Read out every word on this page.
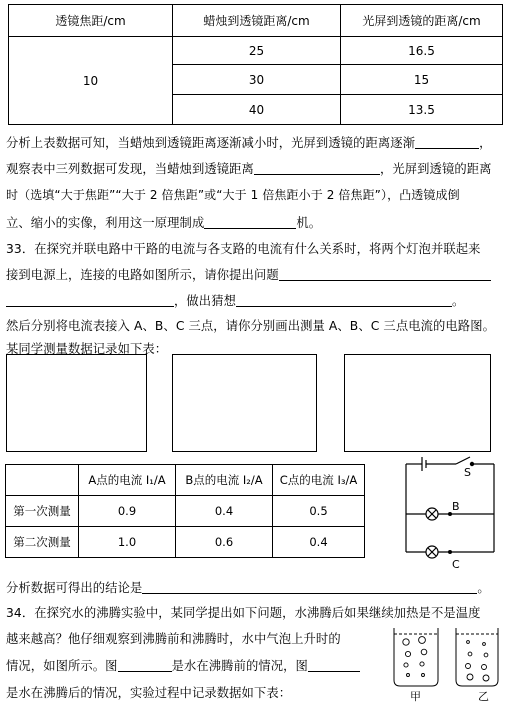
透镜焦距/cm	蜡烛到透镜距离/cm	光屏到透镜的距离/cm
10	25	16.5
	30	15
	40	13.5
分析上表数据可知，当蜡烛到透镜距离逐渐减小时，光屏到透镜的距离逐渐	，
观察表中三列数据可发现，当蜡烛到透镜距离	，光屏到透镜的距离
时（选填“大于焦距”“大于 2 倍焦距”或“大于 1 倍焦距小于 2 倍焦距”），凸透镜成倒
立、缩小的实像，利用这一原理制成	机。
33．在探究并联电路中干路的电流与各支路的电流有什么关系时，将两个灯泡并联起来
接到电源上，连接的电路如图所示，请你提出问题
，做出猜想	。
然后分别将电流表接入 A、B、C 三点，请你分别画出测量 A、B、C 三点电流的电路图。
某同学测量数据记录如下表：
	A点的电流 I₁/A	B点的电流 I₂/A	C点的电流 I₃/A
第一次测量	0.9	0.4	0.5
第二次测量	1.0	0.6	0.4
S
B
C
分析数据可得出的结论是	。
34．在探究水的沸腾实验中，某同学提出如下问题，水沸腾后如果继续加热是不是温度
越来越高？他仔细观察到沸腾前和沸腾时，水中气泡上升时的
情况，如图所示。图	是水在沸腾前的情况，图
是水在沸腾后的情况，实验过程中记录数据如下表：	甲	乙
